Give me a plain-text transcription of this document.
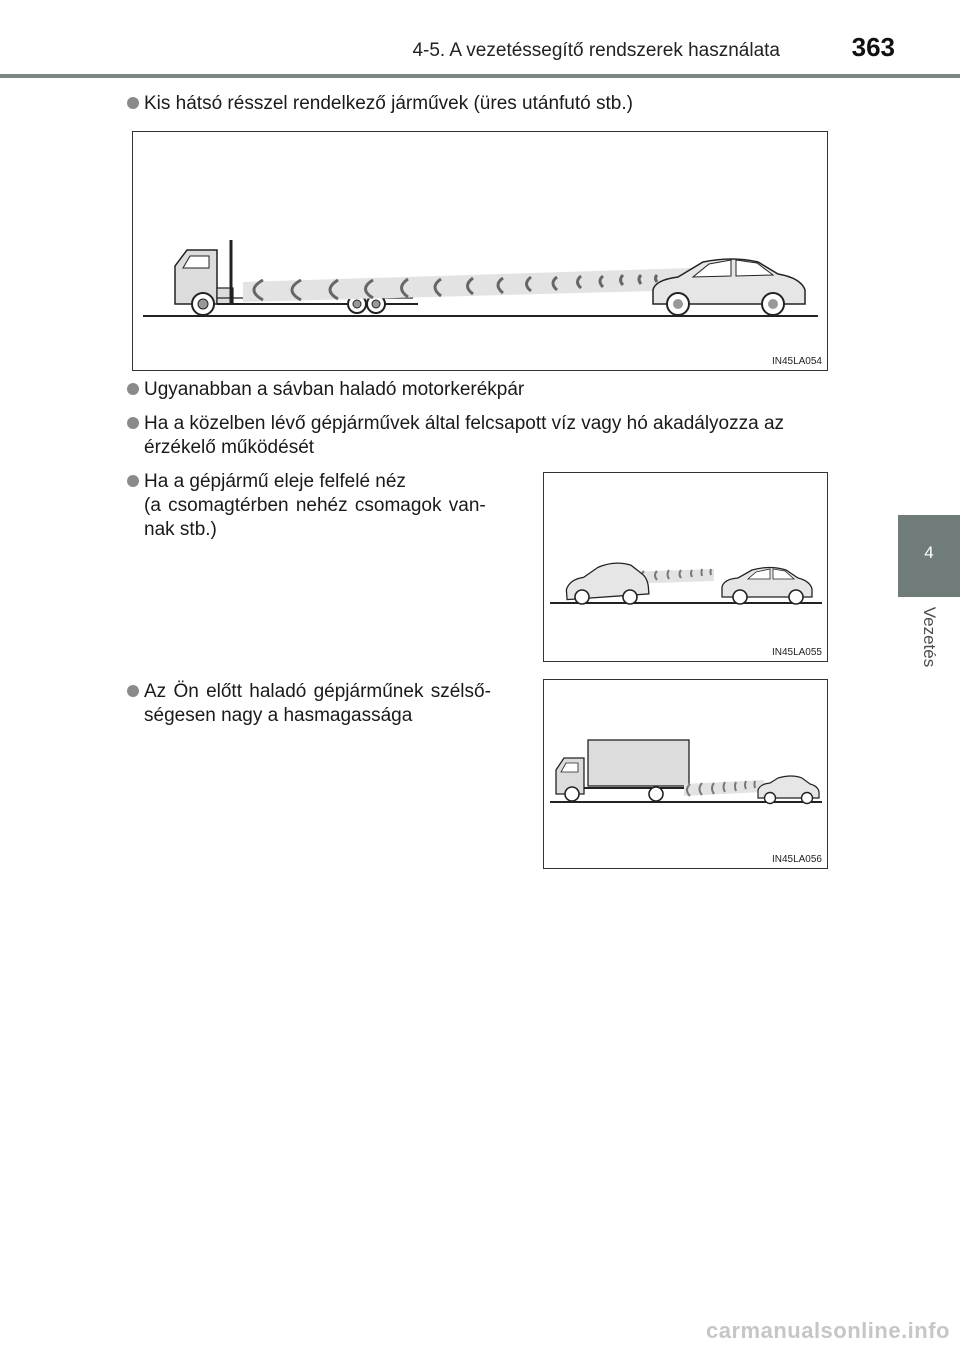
4-5. A vezetéssegítő rendszerek használata	363
4
Vezetés
Kis hátsó résszel rendelkező járművek (üres utánfutó stb.)
IN45LA054
Ugyanabban a sávban haladó motorkerékpár
Ha a közelben lévő gépjárművek által felcsapott víz vagy hó akadályozza az
érzékelő működését
Ha a gépjármű eleje felfelé néz
(a csomagtérben nehéz csomagok van-
nak stb.)
IN45LA055
Az Ön előtt haladó gépjárműnek szélső-
ségesen nagy a hasmagassága
IN45LA056
carmanualsonline.info
